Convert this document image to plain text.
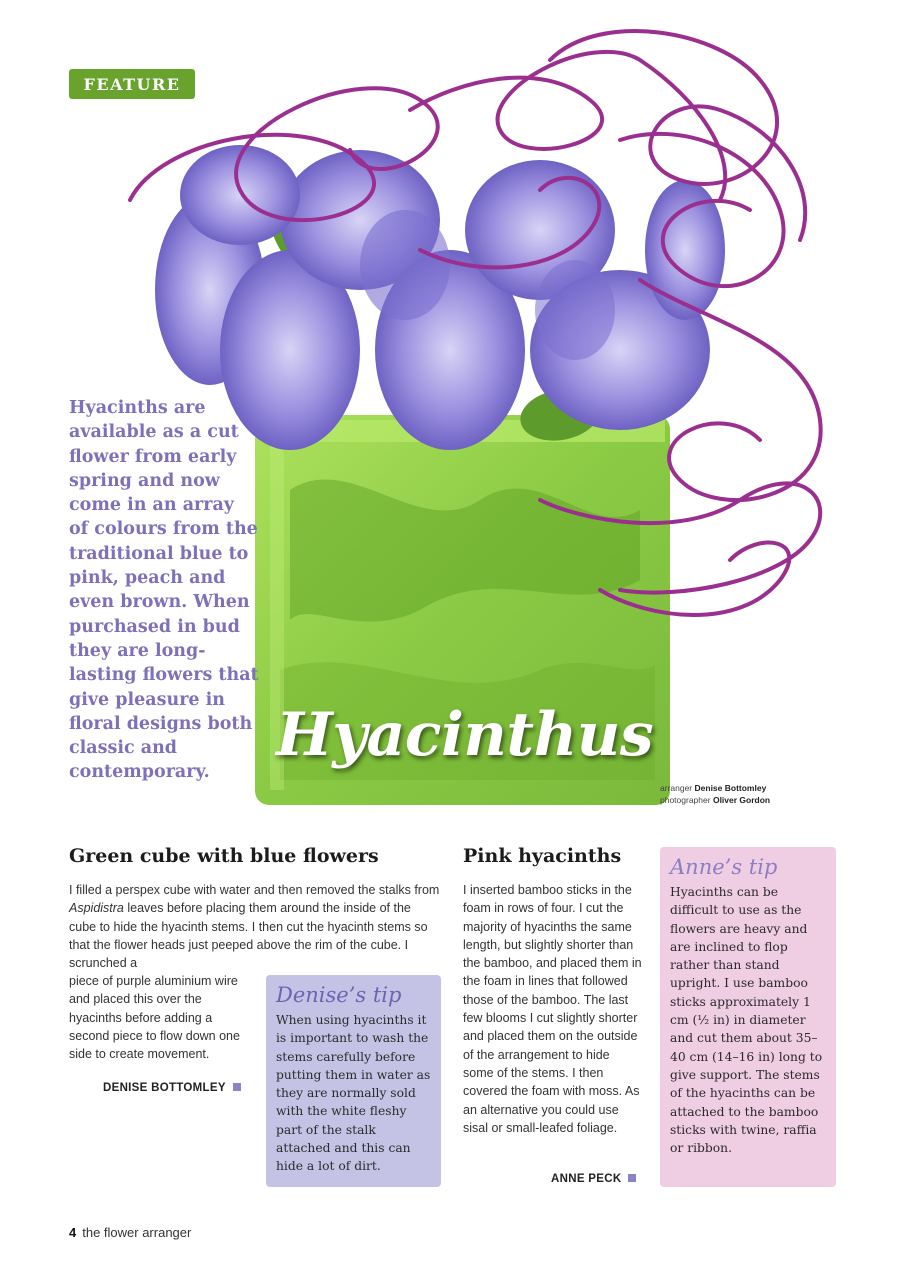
FEATURE
Hyacinths are available as a cut flower from early spring and now come in an array of colours from the traditional blue to pink, peach and even brown. When purchased in bud they are long-lasting flowers that give pleasure in floral designs both classic and contemporary.
Hyacinthus
arranger Denise Bottomley
photographer Oliver Gordon
Green cube with blue flowers
I filled a perspex cube with water and then removed the stalks from Aspidistra leaves before placing them around the inside of the cube to hide the hyacinth stems. I then cut the hyacinth stems so that the flower heads just peeped above the rim of the cube. I scrunched a
piece of purple aluminium wire and placed this over the hyacinths before adding a second piece to flow down one side to create movement.
DENISE BOTTOMLEY
Denise’s tip
When using hyacinths it is important to wash the stems carefully before putting them in water as they are normally sold with the white fleshy part of the stalk attached and this can hide a lot of dirt.
Pink hyacinths
I inserted bamboo sticks in the foam in rows of four. I cut the majority of hyacinths the same length, but slightly shorter than the bamboo, and placed them in the foam in lines that followed those of the bamboo. The last few blooms I cut slightly shorter and placed them on the outside of the arrangement to hide some of the stems. I then covered the foam with moss. As an alternative you could use sisal or small-leafed foliage.
ANNE PECK
Anne’s tip
Hyacinths can be difficult to use as the flowers are heavy and are inclined to flop rather than stand upright. I use bamboo sticks approximately 1 cm (½ in) in diameter and cut them about 35–40 cm (14–16 in) long to give support. The stems of the hyacinths can be attached to the bamboo sticks with twine, raffia or ribbon.
4 the flower arranger
